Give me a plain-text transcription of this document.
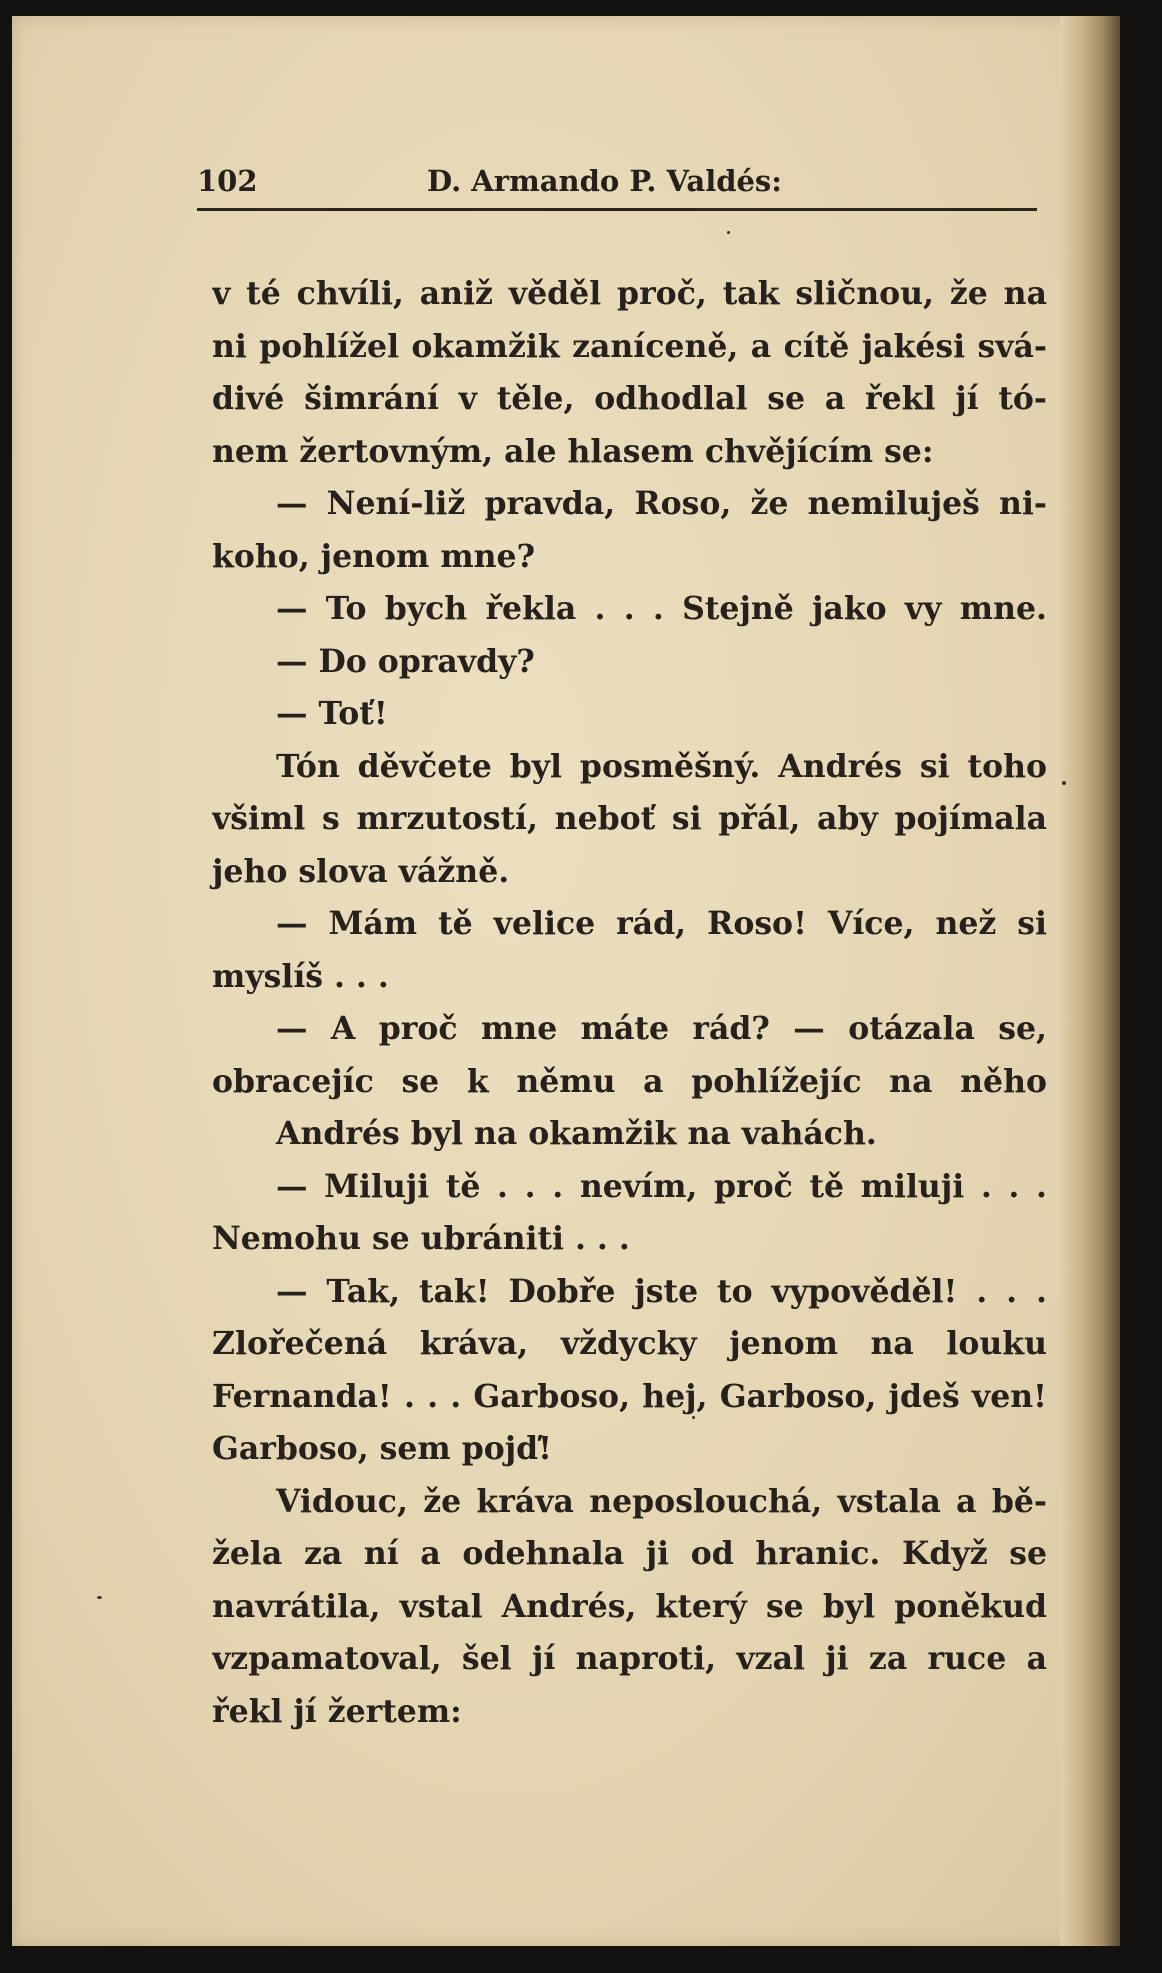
102	D. Armando P. Valdés:
v té chvíli, aniž věděl proč, tak sličnou, že na
ni pohlížel okamžik zaníceně, a cítě jakési svá-
divé šimrání v těle, odhodlal se a řekl jí tó-
nem žertovným, ale hlasem chvějícím se:
— Není-liž pravda, Roso, že nemiluješ ni-
koho, jenom mne?
— To bych řekla . . . Stejně jako vy mne.
— Do opravdy?
— Toť!
Tón děvčete byl posměšný. Andrés si toho
všiml s mrzutostí, neboť si přál, aby pojímala
jeho slova vážně.
— Mám tě velice rád, Roso! Více, než si
myslíš . . .
— A proč mne máte rád? — otázala se,
obracejíc se k němu a pohlížejíc na něho
Andrés byl na okamžik na vahách.
— Miluji tě . . . nevím, proč tě miluji . . .
Nemohu se ubrániti . . .
— Tak, tak! Dobře jste to vypověděl! . . .
Zlořečená kráva, vždycky jenom na louku
Fernanda! . . . Garboso, hej, Garboso, jdeš ven!
Garboso, sem pojď!
Vidouc, že kráva neposlouchá, vstala a bě-
žela za ní a odehnala ji od hranic. Když se
navrátila, vstal Andrés, který se byl poněkud
vzpamatoval, šel jí naproti, vzal ji za ruce a
řekl jí žertem:
